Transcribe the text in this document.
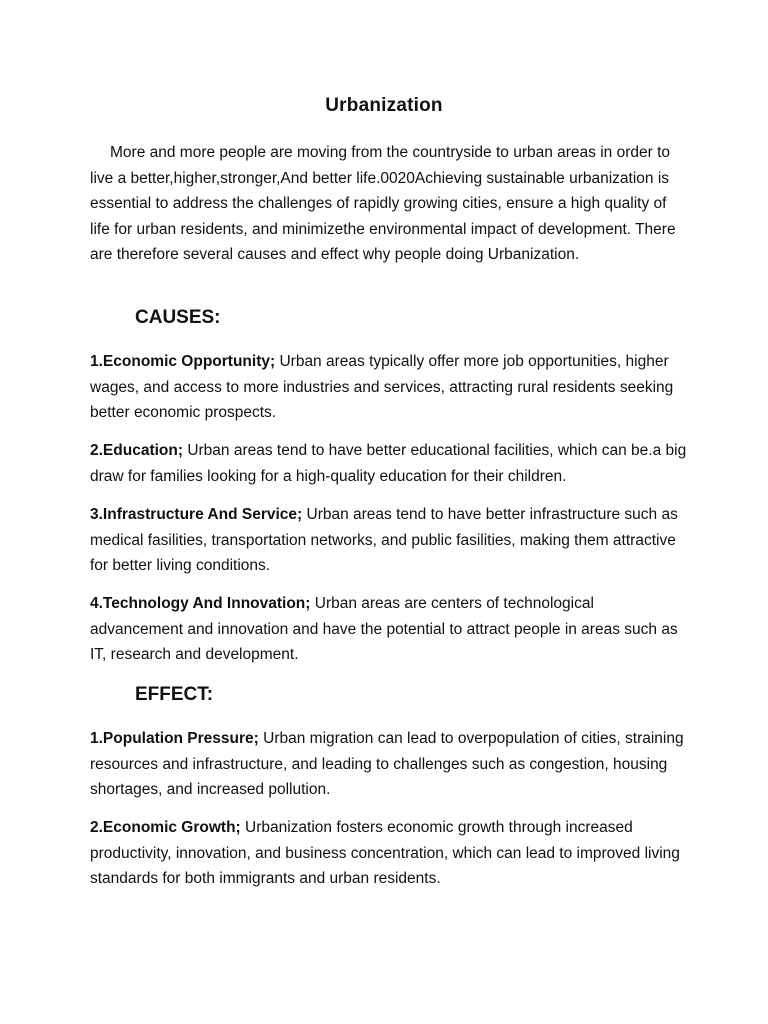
Urbanization

More and more people are moving from the countryside to urban areas in order to live a better,higher,stronger,And better life.0020Achieving sustainable urbanization is essential to address the challenges of rapidly growing cities, ensure a high quality of life for urban residents, and minimizethe environmental impact of development. There are therefore several causes and effect why people doing Urbanization.

CAUSES:

1.Economic Opportunity; Urban areas typically offer more job opportunities, higher wages, and access to more industries and services, attracting rural residents seeking better economic prospects.

2.Education; Urban areas tend to have better educational facilities, which can be.a big draw for families looking for a high-quality education for their children.

3.Infrastructure And Service; Urban areas tend to have better infrastructure such as medical fasilities, transportation networks, and public fasilities, making them attractive for better living conditions.

4.Technology And Innovation; Urban areas are centers of technological advancement and innovation and have the potential to attract people in areas such as IT, research and development.

EFFECT:

1.Population Pressure; Urban migration can lead to overpopulation of cities, straining resources and infrastructure, and leading to challenges such as congestion, housing shortages, and increased pollution.

2.Economic Growth; Urbanization fosters economic growth through increased productivity, innovation, and business concentration, which can lead to improved living standards for both immigrants and urban residents.
